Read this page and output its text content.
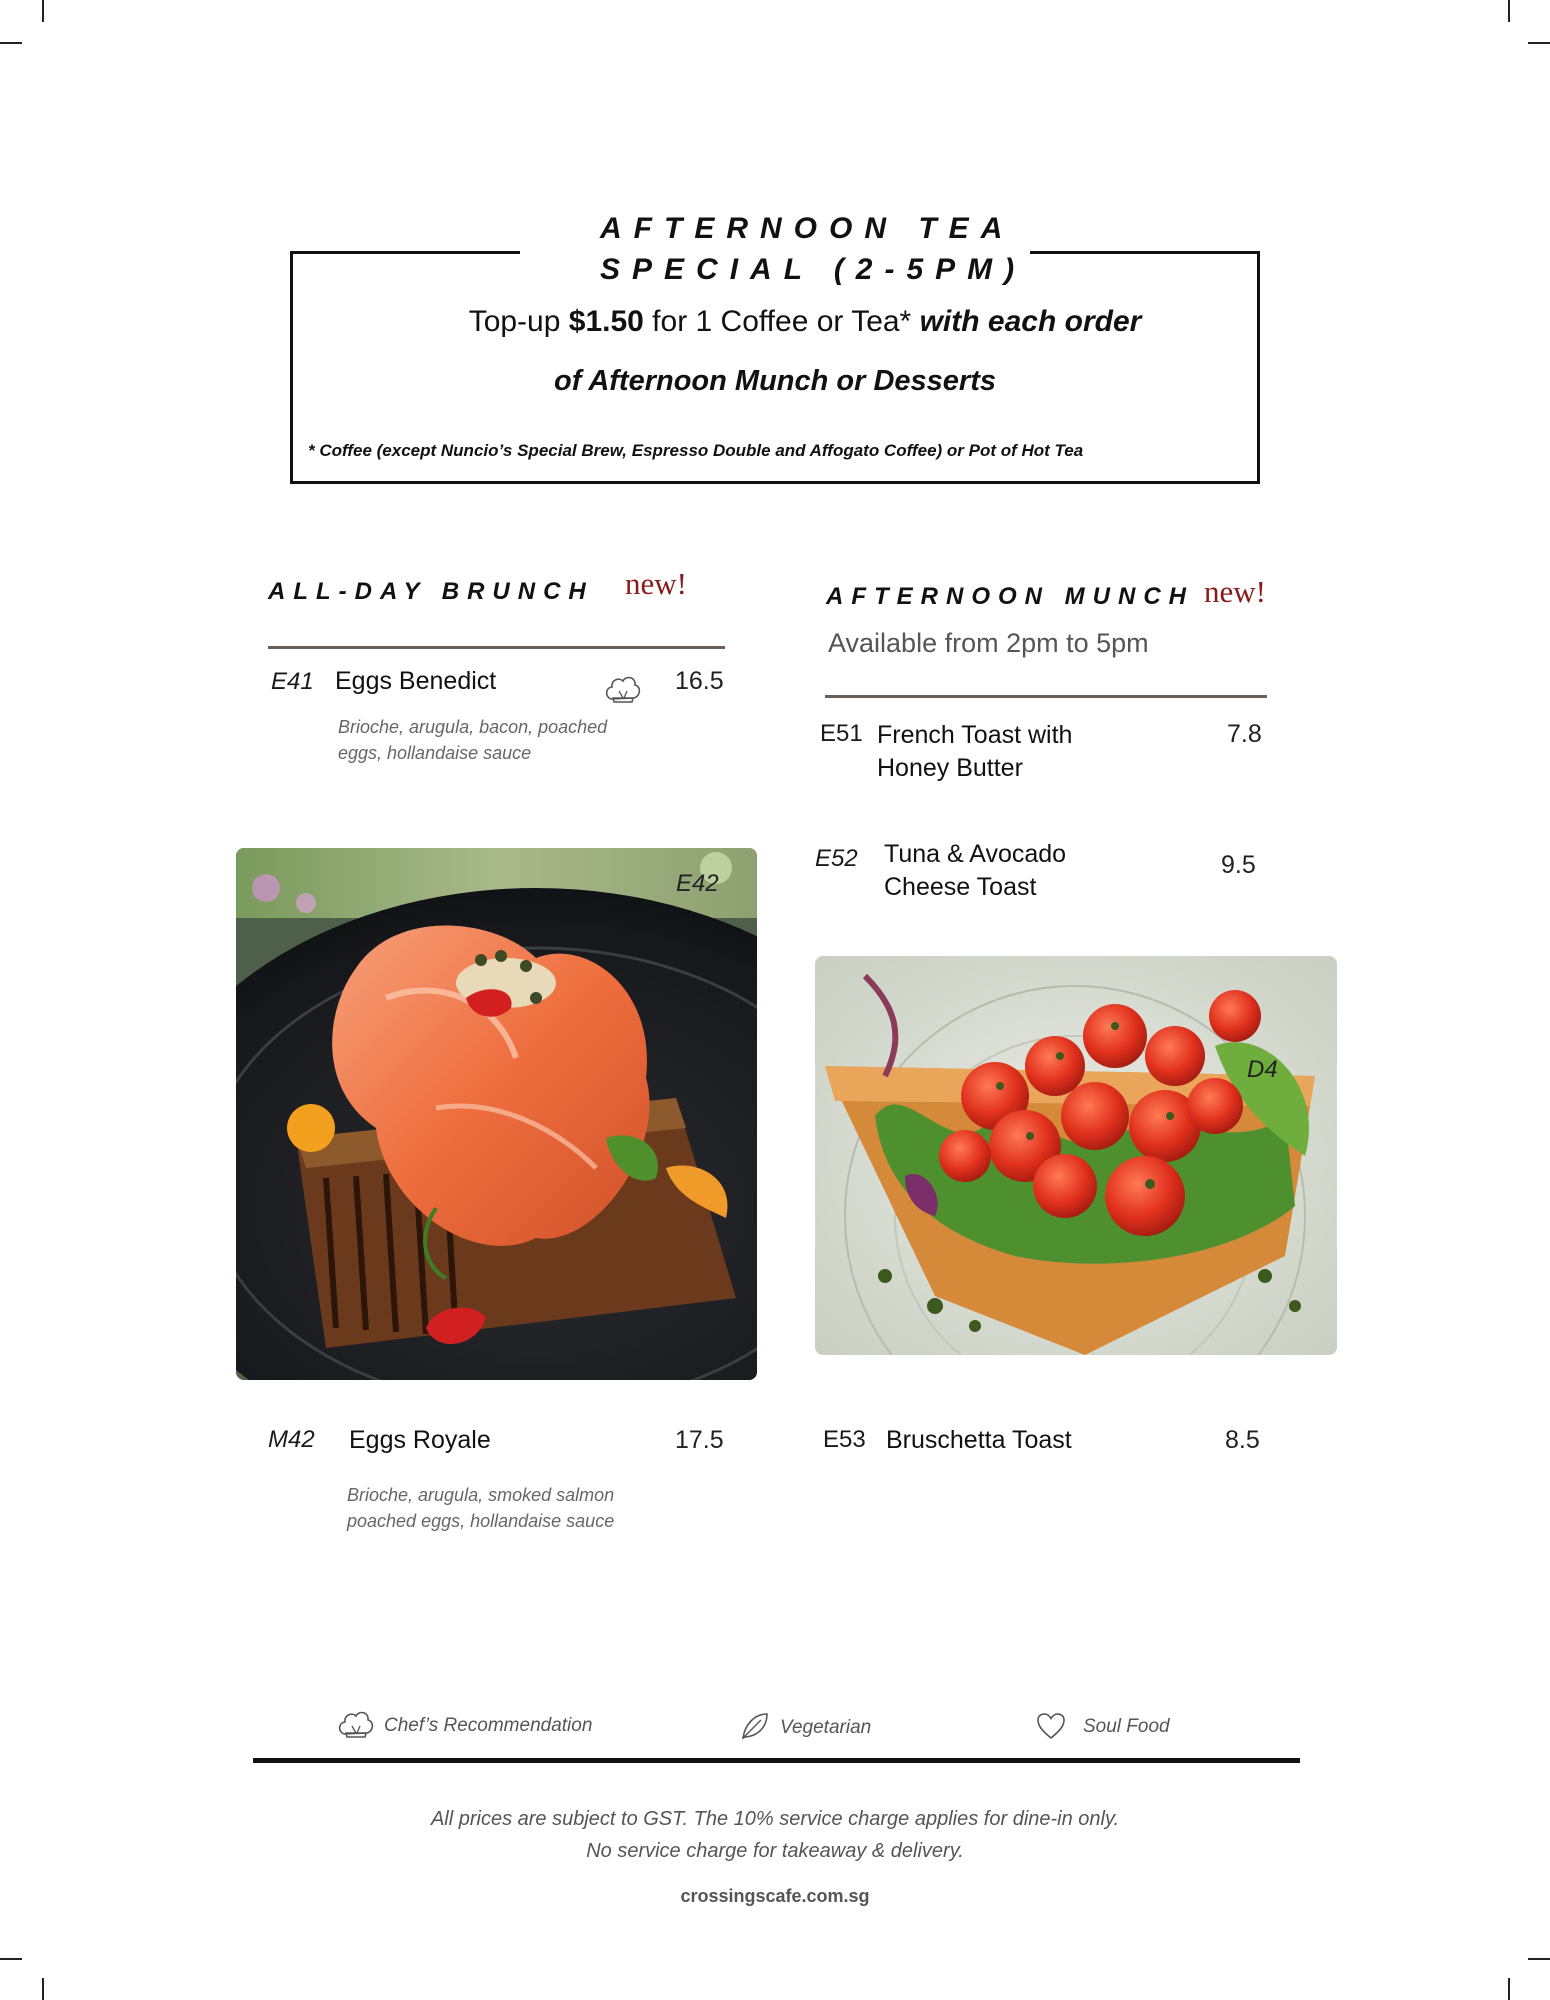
AFTERNOON TEA
SPECIAL (2-5PM)
Top-up $1.50 for 1 Coffee or Tea* with each order
of Afternoon Munch or Desserts
* Coffee (except Nuncio’s Special Brew, Espresso Double and Affogato Coffee) or Pot of Hot Tea
ALL-DAY BRUNCH new!
E41 Eggs Benedict	16.5
Brioche, arugula, bacon, poached
eggs, hollandaise sauce
E42
M42 Eggs Royale	17.5
Brioche, arugula, smoked salmon
poached eggs, hollandaise sauce
AFTERNOON MUNCH new!
Available from 2pm to 5pm
E51 French Toast with
Honey Butter
7.8
E52 Tuna & Avocado
Cheese Toast
9.5
D4
E53 Bruschetta Toast	8.5
Chef’s Recommendation	Vegetarian	Soul Food
All prices are subject to GST. The 10% service charge applies for dine-in only.
No service charge for takeaway & delivery.
crossingscafe.com.sg
